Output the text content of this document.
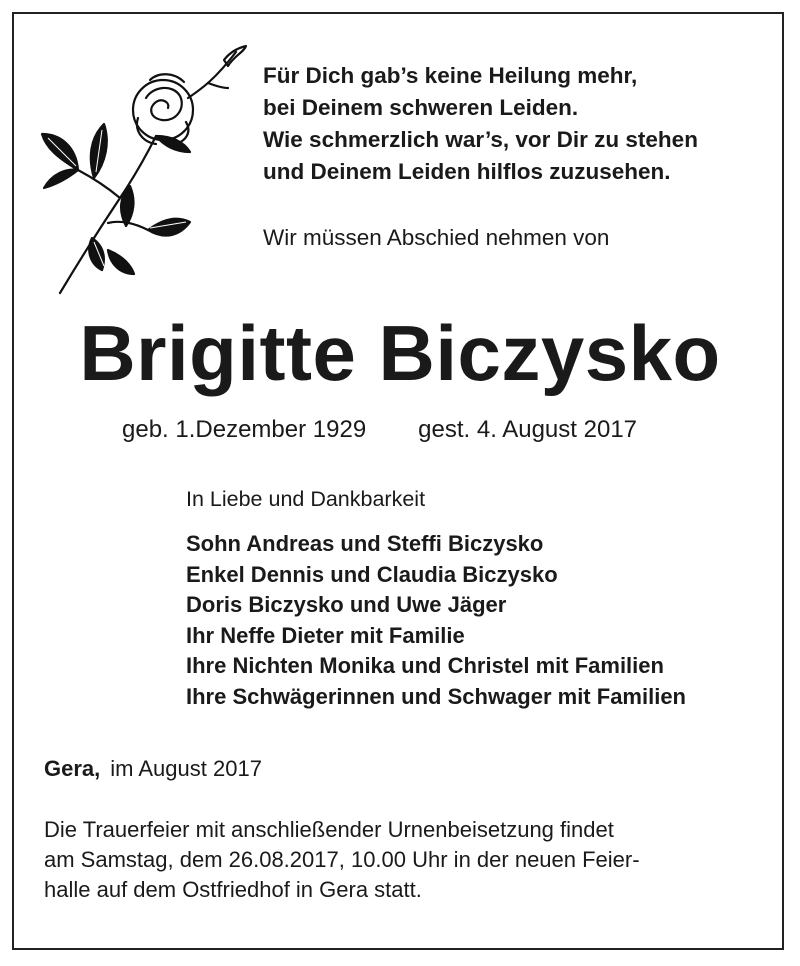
Für Dich gab’s keine Heilung mehr,
bei Deinem schweren Leiden.
Wie schmerzlich war’s, vor Dir zu stehen
und Deinem Leiden hilflos zuzusehen.
Wir müssen Abschied nehmen von
Brigitte Biczysko
geb. 1.Dezember 1929 gest. 4. August 2017
In Liebe und Dankbarkeit
Sohn Andreas und Steffi Biczysko
Enkel Dennis und Claudia Biczysko
Doris Biczysko und Uwe Jäger
Ihr Neffe Dieter mit Familie
Ihre Nichten Monika und Christel mit Familien
Ihre Schwägerinnen und Schwager mit Familien
Gera, im August 2017
Die Trauerfeier mit anschließender Urnenbeisetzung findet
am Samstag, dem 26.08.2017, 10.00 Uhr in der neuen Feier-
halle auf dem Ostfriedhof in Gera statt.
